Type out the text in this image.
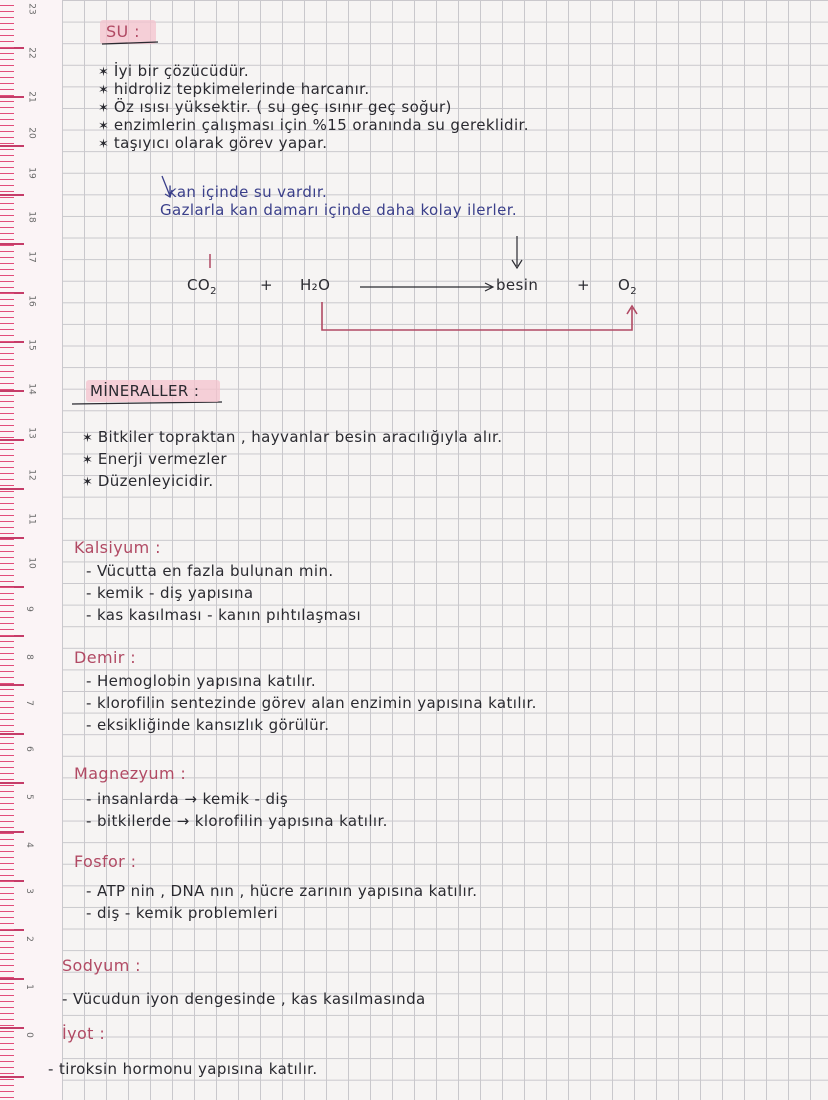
23
22
21
20
19
18
17
16
15
14
13
12
11
10
9
8
7
6
5
4
3
2
1
0
SU :
✶ İyi bir çözücüdür.
✶ hidroliz tepkimelerinde harcanır.
✶ Öz ısısı yüksektir. ( su geç ısınır geç soğur)
✶ enzimlerin çalışması için %15 oranında su gereklidir.
✶ taşıyıcı olarak görev yapar.
kan içinde su vardır.
Gazlarla kan damarı içinde daha kolay ilerler.
$CO_2$	+ H₂O	besin	+ $O_2$
MİNERALLER :
✶ Bitkiler topraktan , hayvanlar besin aracılığıyla alır.
✶ Enerji vermezler
✶ Düzenleyicidir.
Kalsiyum :
- Vücutta en fazla bulunan min.
- kemik - diş yapısına
- kas kasılması - kanın pıhtılaşması
Demir :
- Hemoglobin yapısına katılır.
- klorofilin sentezinde görev alan enzimin yapısına katılır.
- eksikliğinde kansızlık görülür.
Magnezyum :
- insanlarda → kemik - diş
- bitkilerde → klorofilin yapısına katılır.
Fosfor :
- ATP nin , DNA nın , hücre zarının yapısına katılır.
- diş - kemik problemleri
Sodyum :
- Vücudun iyon dengesinde , kas kasılmasında
İyot :
- tiroksin hormonu yapısına katılır.
